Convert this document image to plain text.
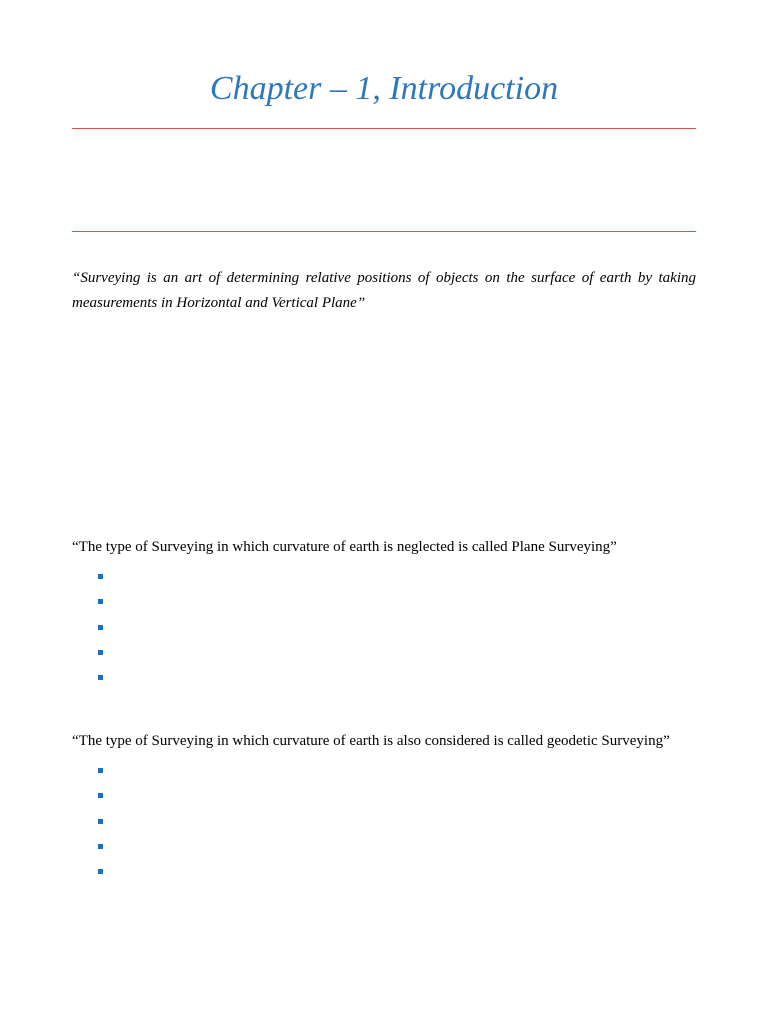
Chapter – 1, Introduction

“Surveying is an art of determining relative positions of objects on the surface of earth by taking measurements in Horizontal and Vertical Plane”

“The type of Surveying in which curvature of earth is neglected is called Plane Surveying”

“The type of Surveying in which curvature of earth is also considered is called geodetic Surveying”
